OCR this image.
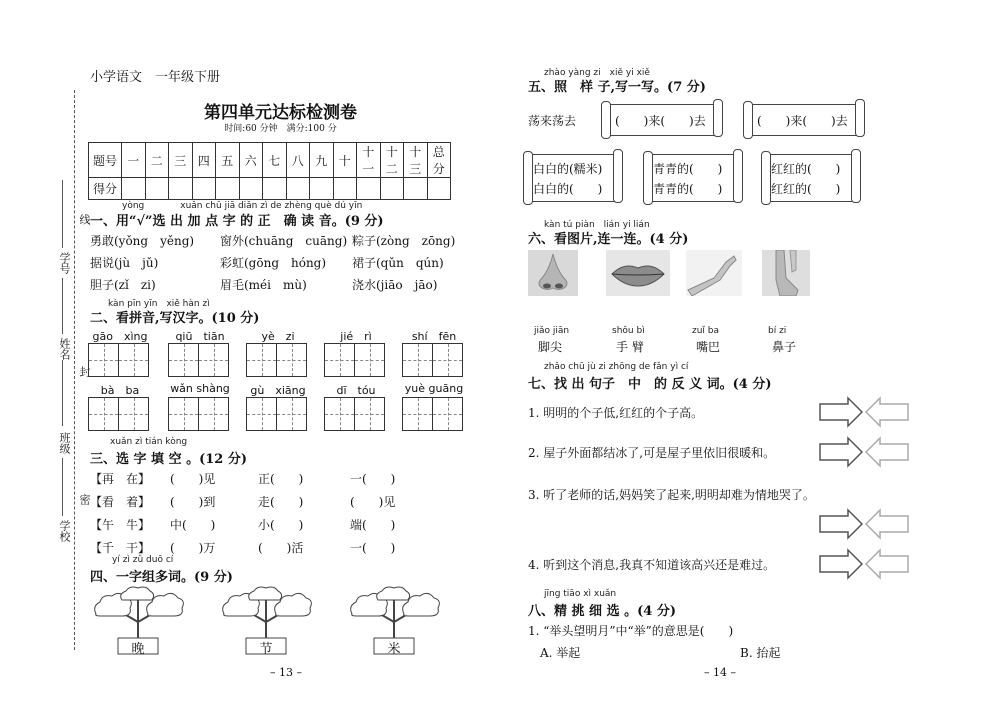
小学语文　 一年级下册
学号
线
姓名
封
班级
密
学校
第四单元达标检测卷
时间:60 分钟　满分:100 分
题号	一	二	三	四	五	六	七	八	九	十	十一	十二	十三	总分
得分														
yòng　　　　xuǎn chū jiā diǎn zì de zhèng què dú yīn
一、用“√”选 出 加 点 字 的 正　确 读 音。(9 分)
勇敢(yǒng　yěng) 窗外(chuāng　cuāng) 粽子(zòng　zōng)
据说(jù　jǔ)	彩虹(gōng　hóng) 裙子(qǔn　qún)
胆子(zǐ　zi)	眉毛(méi　mù)	浇水(jiāo　jāo)
kàn pīn yīn　xiě hàn zì
二、看拼音,写汉字。(10 分)
gāo　xìng	qiū　tiān	yè　zi	jié　rì	shí　fēn
bà　ba	wǎn shàng	gù　xiāng	dī　tóu	yuè guāng
xuǎn zì tián kòng
三、选 字 填 空 。(12 分)
【再　在】 (　　)见	正(　　)	一(　　)
【看　着】 (　　)到	走(　　)	(　　)见
【午　牛】 中(　　)	小(　　)	端(　　)
【千　干】 (　　)万	(　　)活	一(　　)
yí zì zǔ duō cí
四、一字组多词。(9 分)
晚	节	米
– 13 –
zhào yàng zi　xiě yi xiě
五、照　样 子,写一写。(7 分)
荡来荡去	(　　)来(　　)去	(　　)来(　　)去
白白的(糯米)
白白的(　　)
青青的(　　)
青青的(　　)
红红的(　　)
红红的(　　)
kàn tú piàn　lián yi lián
六、看图片,连一连。(4 分)
jiǎo jiān
脚尖
shǒu bì
手 臂
zuǐ ba
嘴巴
bí zi
鼻子
zhǎo chū jù zi zhōng de fǎn yì cí
七、找 出 句子　中　的 反 义 词。(4 分)
1. 明明的个子低,红红的个子高。
2. 屋子外面都结冰了,可是屋子里依旧很暖和。
3. 听了老师的话,妈妈笑了起来,明明却难为情地哭了。
4. 听到这个消息,我真不知道该高兴还是难过。
jīng tiāo xì xuǎn
八、精 挑 细 选 。(4 分)
1. “举头望明月”中“举”的意思是(　　)
A. 举起	B. 抬起
– 14 –
